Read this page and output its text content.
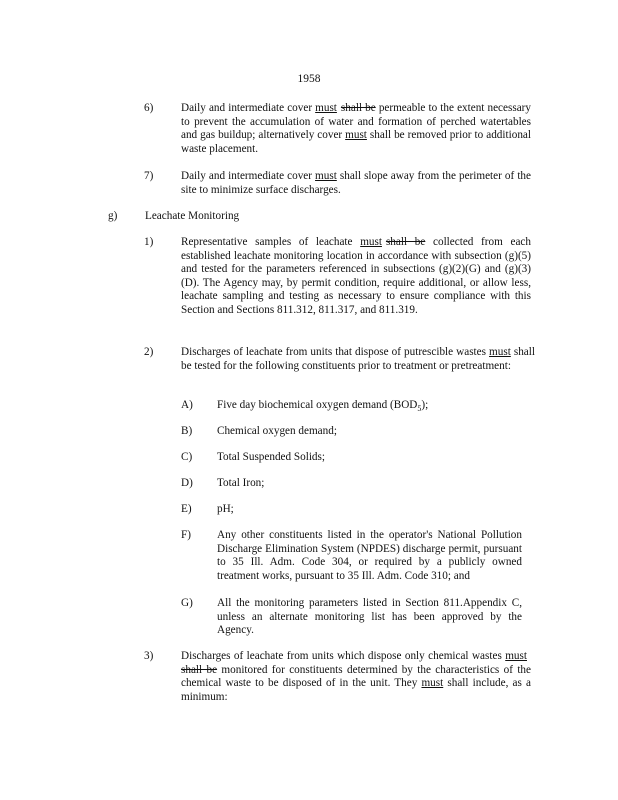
1958
6) Daily and intermediate cover must shall be permeable to the extent necessary to prevent the accumulation of water and formation of perched watertables and gas buildup; alternatively cover must shall be removed prior to additional waste placement.
7) Daily and intermediate cover must shall slope away from the perimeter of the site to minimize surface discharges.
g) Leachate Monitoring
1) Representative samples of leachate must shall be collected from each established leachate monitoring location in accordance with subsection (g)(5) and tested for the parameters referenced in subsections (g)(2)(G) and (g)(3)(D). The Agency may, by permit condition, require additional, or allow less, leachate sampling and testing as necessary to ensure compliance with this Section and Sections 811.312, 811.317, and 811.319.
2) Discharges of leachate from units that dispose of putrescible wastes must shall be tested for the following constituents prior to treatment or pretreatment:
A) Five day biochemical oxygen demand $(BOD_5)$;
B) Chemical oxygen demand;
C) Total Suspended Solids;
D) Total Iron;
E) pH;
F) Any other constituents listed in the operator's National Pollution Discharge Elimination System (NPDES) discharge permit, pursuant to 35 Ill. Adm. Code 304, or required by a publicly owned treatment works, pursuant to 35 Ill. Adm. Code 310; and
G) All the monitoring parameters listed in Section 811.Appendix C, unless an alternate monitoring list has been approved by the Agency.
3) Discharges of leachate from units which dispose only chemical wastes mustshall be monitored for constituents determined by the characteristics of the chemical waste to be disposed of in the unit. They must shall include, as a minimum:
